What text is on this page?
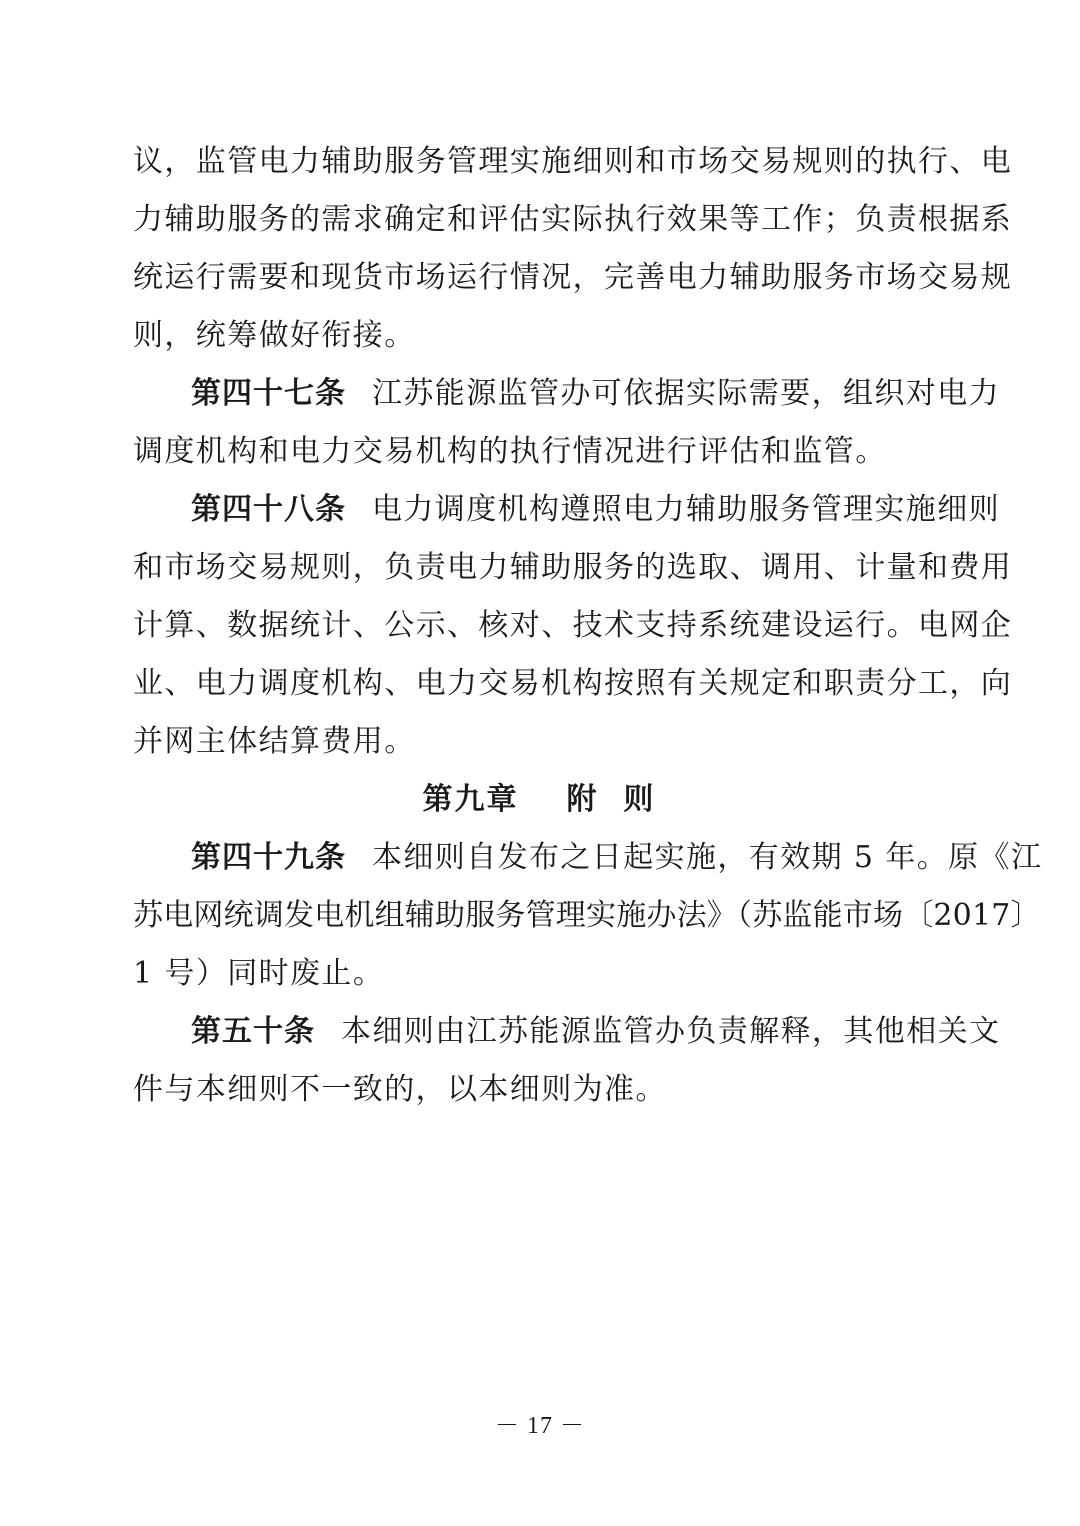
议，监管电力辅助服务管理实施细则和市场交易规则的执行、电
力辅助服务的需求确定和评估实际执行效果等工作；负责根据系
统运行需要和现货市场运行情况，完善电力辅助服务市场交易规
则，统筹做好衔接。
第四十七条 江苏能源监管办可依据实际需要，组织对电力
调度机构和电力交易机构的执行情况进行评估和监管。
第四十八条 电力调度机构遵照电力辅助服务管理实施细则
和市场交易规则，负责电力辅助服务的选取、调用、计量和费用
计算、数据统计、公示、核对、技术支持系统建设运行。电网企
业、电力调度机构、电力交易机构按照有关规定和职责分工，向
并网主体结算费用。
第九章 附  则
第四十九条 本细则自发布之日起实施，有效期 5 年。原《江
苏电网统调发电机组辅助服务管理实施办法》（苏监能市场〔2017〕
1 号）同时废止。
第五十条 本细则由江苏能源监管办负责解释，其他相关文
件与本细则不一致的，以本细则为准。
－ 17 －
